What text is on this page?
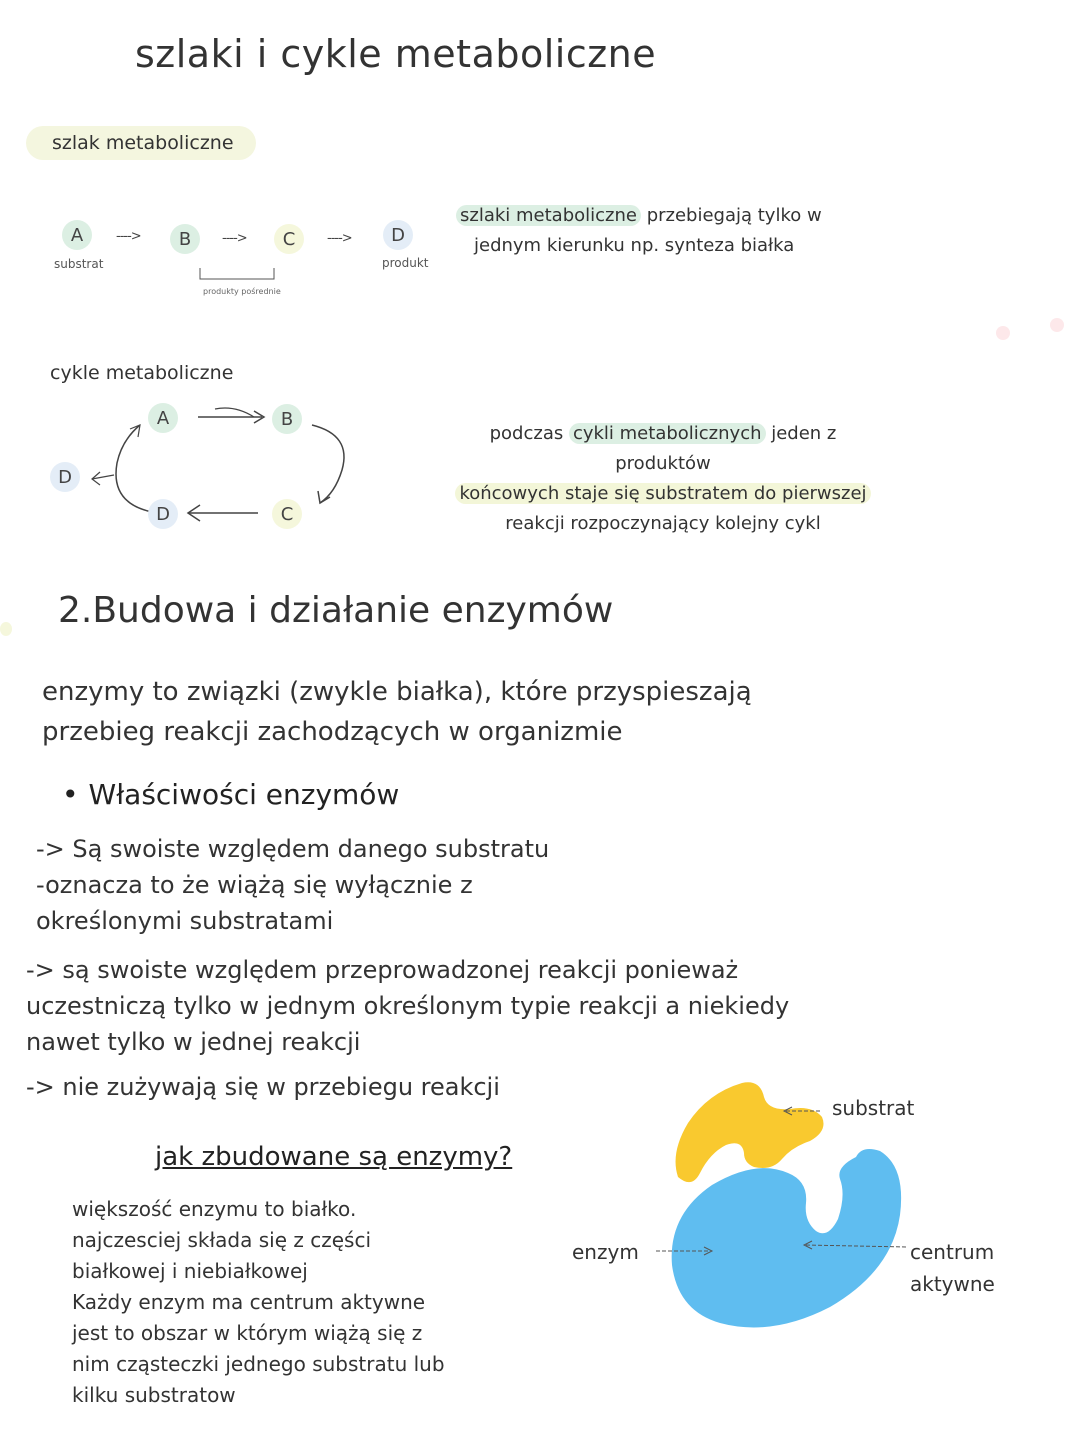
szlaki i cykle metaboliczne
szlak metaboliczne
A
substrat
---->	B	---->	C	---->	D
produkt
produkty pośrednie
szlaki metaboliczne przebiegają tylko w
jednym kierunku np. synteza białka
cykle metaboliczne
A	B
C
D
D
podczas cykli metabolicznych jeden z produktów
końcowych staje się substratem do pierwszej
reakcji rozpoczynający kolejny cykl
2.Budowa i działanie enzymów
enzymy to związki (zwykle białka), które przyspieszają
przebieg reakcji zachodzących w organizmie
• Właściwości enzymów
-> Są swoiste względem danego substratu
-oznacza to że wiążą się wyłącznie z
określonymi substratami
-> są swoiste względem przeprowadzonej reakcji ponieważ
uczestniczą tylko w jednym określonym typie reakcji a niekiedy
nawet tylko w jednej reakcji
-> nie zużywają się w przebiegu reakcji
jak zbudowane są enzymy?
większość enzymu to białko.
najczesciej składa się z części
białkowej i niebiałkowej
Każdy enzym ma centrum aktywne
jest to obszar w którym wiążą się z
nim cząsteczki jednego substratu lub
kilku substratow
substrat
enzym	centrum
aktywne
